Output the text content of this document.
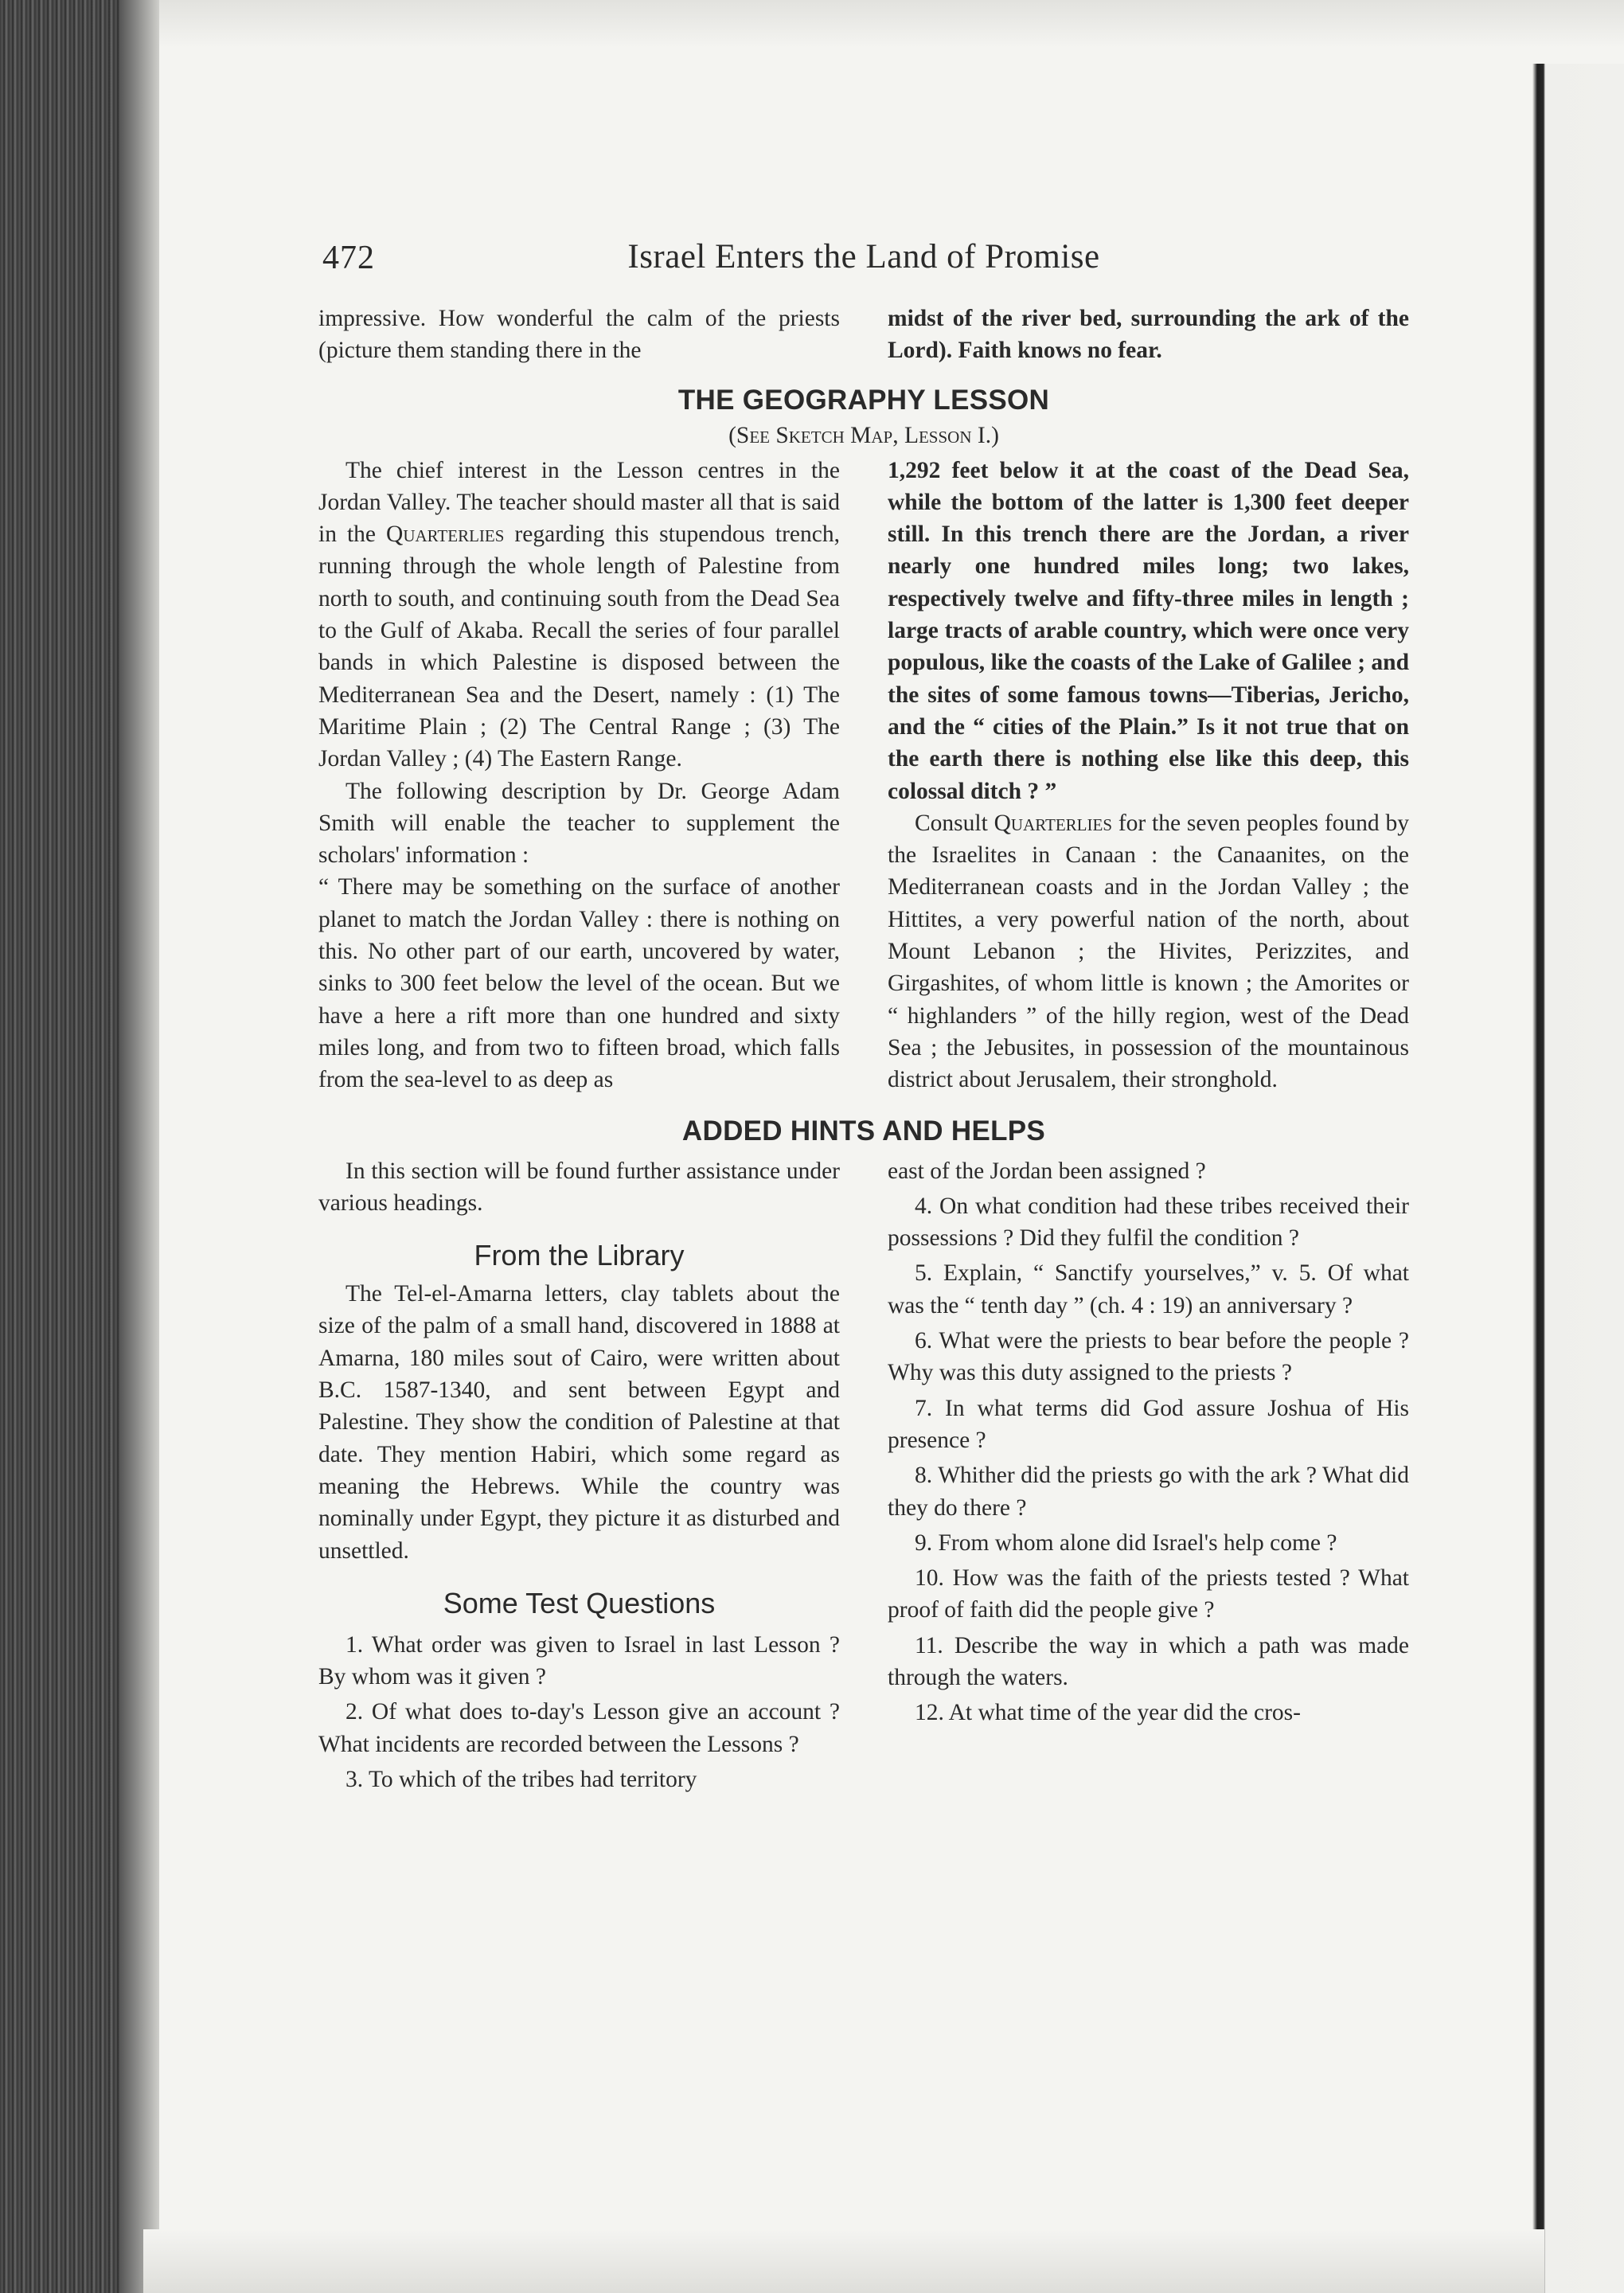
472	Israel Enters the Land of Promise

impressive. How wonderful the calm of the priests (picture them standing there in the

midst of the river bed, surrounding the ark of the Lord). Faith knows no fear.

THE GEOGRAPHY LESSON
(See Sketch Map, Lesson I.)

The chief interest in the Lesson centres in the Jordan Valley. The teacher should master all that is said in the Quarterlies regarding this stupendous trench, running through the whole length of Palestine from north to south, and continuing south from the Dead Sea to the Gulf of Akaba. Recall the series of four parallel bands in which Palestine is disposed between the Mediterranean Sea and the Desert, namely : (1) The Maritime Plain ; (2) The Central Range ; (3) The Jordan Valley ; (4) The Eastern Range.

The following description by Dr. George Adam Smith will enable the teacher to supplement the scholars' information :

“ There may be something on the surface of another planet to match the Jordan Valley : there is nothing on this. No other part of our earth, uncovered by water, sinks to 300 feet below the level of the ocean. But we have a here a rift more than one hundred and sixty miles long, and from two to fifteen broad, which falls from the sea-level to as deep as

1,292 feet below it at the coast of the Dead Sea, while the bottom of the latter is 1,300 feet deeper still. In this trench there are the Jordan, a river nearly one hundred miles long; two lakes, respectively twelve and fifty-three miles in length ; large tracts of arable country, which were once very populous, like the coasts of the Lake of Galilee ; and the sites of some famous towns—Tiberias, Jericho, and the “ cities of the Plain.” Is it not true that on the earth there is nothing else like this deep, this colossal ditch ? ”

Consult Quarterlies for the seven peoples found by the Israelites in Canaan : the Canaanites, on the Mediterranean coasts and in the Jordan Valley ; the Hittites, a very powerful nation of the north, about Mount Lebanon ; the Hivites, Perizzites, and Girgashites, of whom little is known ; the Amorites or “ highlanders ” of the hilly region, west of the Dead Sea ; the Jebusites, in possession of the mountainous district about Jerusalem, their stronghold.

ADDED HINTS AND HELPS

In this section will be found further assistance under various headings.

From the Library

The Tel-el-Amarna letters, clay tablets about the size of the palm of a small hand, discovered in 1888 at Amarna, 180 miles sout of Cairo, were written about B.C. 1587-1340, and sent between Egypt and Palestine. They show the condition of Palestine at that date. They mention Habiri, which some regard as meaning the Hebrews. While the country was nominally under Egypt, they picture it as disturbed and unsettled.

Some Test Questions

1. What order was given to Israel in last Lesson ? By whom was it given ?

2. Of what does to-day's Lesson give an account ? What incidents are recorded between the Lessons ?

3. To which of the tribes had territory

east of the Jordan been assigned ?

4. On what condition had these tribes received their possessions ? Did they fulfil the condition ?

5. Explain, “ Sanctify yourselves,” v. 5. Of what was the “ tenth day ” (ch. 4 : 19) an anniversary ?

6. What were the priests to bear before the people ? Why was this duty assigned to the priests ?

7. In what terms did God assure Joshua of His presence ?

8. Whither did the priests go with the ark ? What did they do there ?

9. From whom alone did Israel's help come ?

10. How was the faith of the priests tested ? What proof of faith did the people give ?

11. Describe the way in which a path was made through the waters.

12. At what time of the year did the cros-
